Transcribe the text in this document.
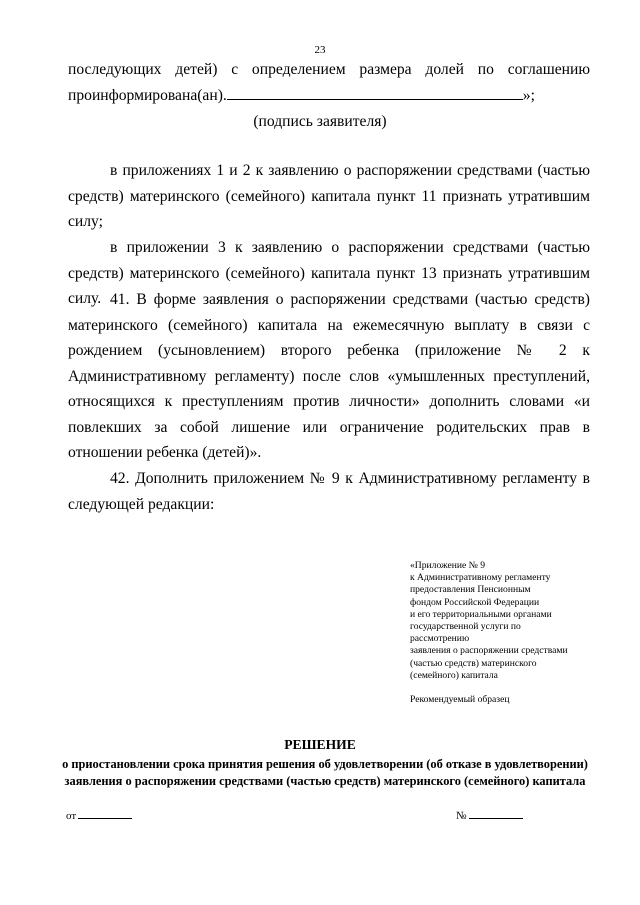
23

последующих детей) с определением размера долей по соглашению

проинформирована(ан).	»;

(подпись заявителя)

в приложениях 1 и 2 к заявлению о распоряжении средствами (частью средств) материнского (семейного) капитала пункт 11 признать утратившим силу;

в приложении 3 к заявлению о распоряжении средствами (частью средств) материнского (семейного) капитала пункт 13 признать утратившим силу. 41. В форме заявления о распоряжении средствами (частью средств) материнского (семейного) капитала на ежемесячную выплату в связи с рождением (усыновлением) второго ребенка (приложение № 2 к Административному регламенту) после слов «умышленных преступлений, относящихся к преступлениям против личности» дополнить словами «и повлекших за собой лишение или ограничение родительских прав в отношении ребенка (детей)».

42. Дополнить приложением № 9 к Административному регламенту в следующей редакции:

«Приложение № 9
к Административному регламенту
предоставления Пенсионным
фондом Российской Федерации
и его территориальными органами
государственной услуги по
рассмотрению
заявления о распоряжении средствами
(частью средств) материнского
(семейного) капитала
Рекомендуемый образец
РЕШЕНИЕ
о приостановлении срока принятия решения об удовлетворении (об отказе в удовлетворении) заявления о распоряжении средствами (частью средств) материнского (семейного) капитала
от	№
